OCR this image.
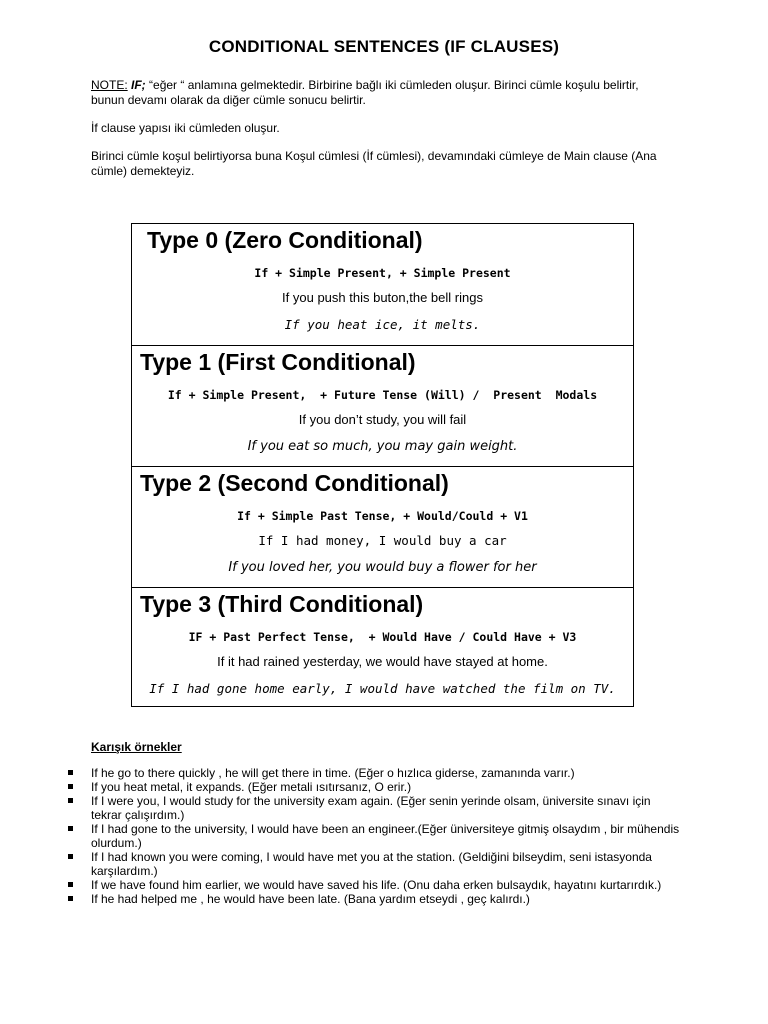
CONDITIONAL SENTENCES (IF CLAUSES)
NOTE: IF; “eğer “ anlamına gelmektedir. Birbirine bağlı iki cümleden oluşur. Birinci cümle koşulu belirtir, bunun devamı olarak da diğer cümle sonucu belirtir.
İf clause yapısı iki cümleden oluşur.
Birinci cümle koşul belirtiyorsa buna Koşul cümlesi (İf cümlesi), devamındaki cümleye de Main clause (Ana cümle) demekteyiz.
Type 0 (Zero Conditional)
If + Simple Present, + Simple Present
If you push this buton,the bell rings
If you heat ice, it melts.
Type 1 (First Conditional)
If + Simple Present,  + Future Tense (Will) /  Present  Modals
If you don’t study, you will fail
If you eat so much, you may gain weight.
Type 2 (Second Conditional)
If + Simple Past Tense, + Would/Could + V1
If I had money, I would buy a car
If you loved her, you would buy a flower for her
Type 3 (Third Conditional)
IF + Past Perfect Tense,  + Would Have / Could Have + V3
If it had rained yesterday, we would have stayed at home.
If I had gone home early, I would have watched the film on TV.
Karışık örnekler
If he go to there quickly , he will get there in time. (Eğer o hızlıca giderse, zamanında varır.)
If you heat metal, it expands. (Eğer metali ısıtırsanız, O erir.)
If I were you, I would study for the university exam again. (Eğer senin yerinde olsam, üniversite sınavı için tekrar çalışırdım.)
If I had gone to the university, I would have been an engineer.(Eğer üniversiteye gitmiş olsaydım , bir mühendis olurdum.)
If I had known you were coming, I would have met you at the station. (Geldiğini bilseydim, seni istasyonda karşılardım.)
If we have found him earlier, we would have saved his life. (Onu daha erken bulsaydık, hayatını kurtarırdık.)
If he had helped me , he would have been late. (Bana yardım etseydi , geç kalırdı.)
